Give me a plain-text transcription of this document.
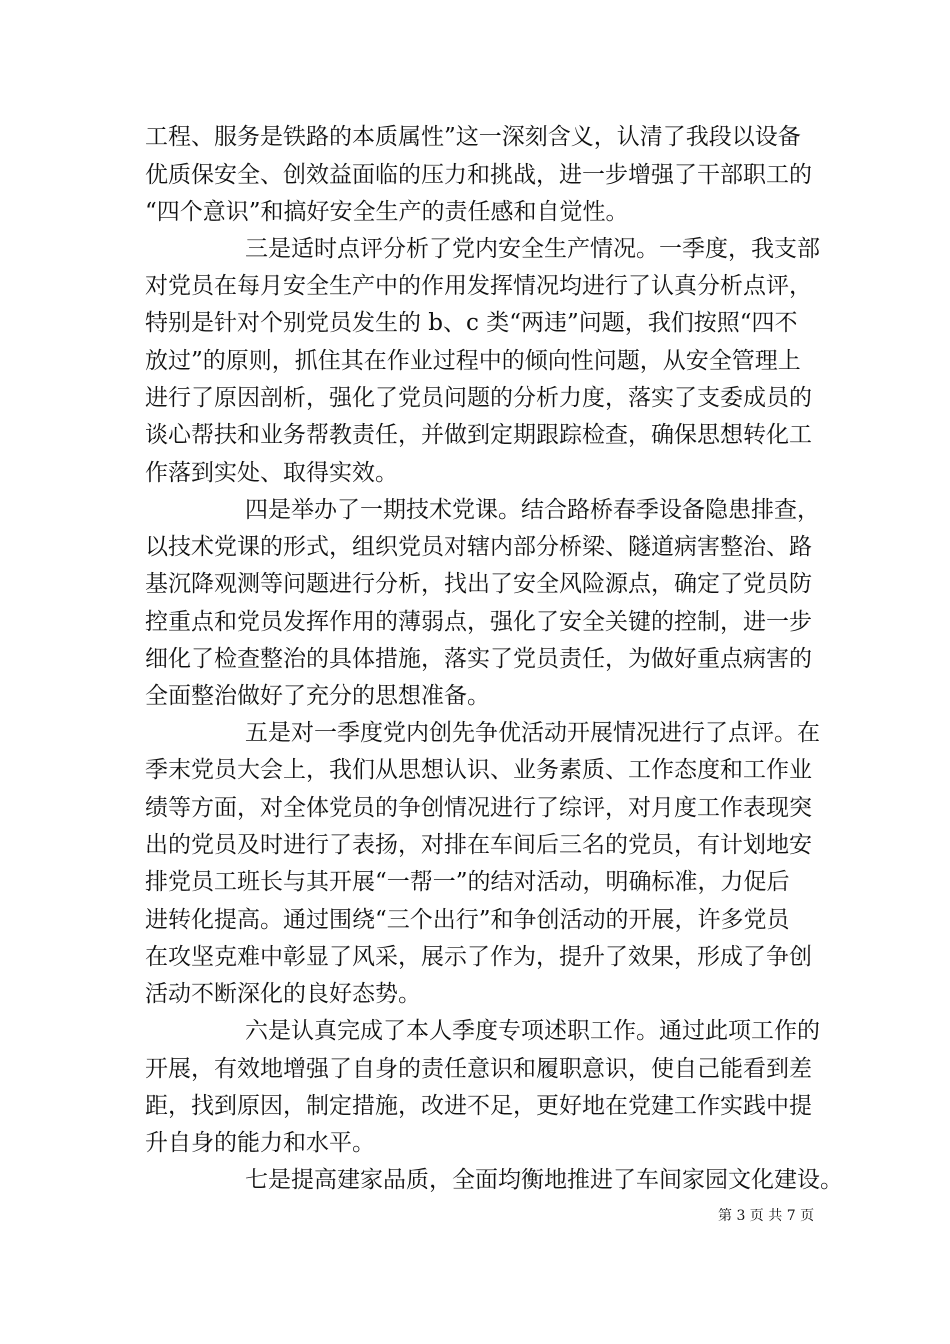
工程、服务是铁路的本质属性”这一深刻含义，认清了我段以设备
优质保安全、创效益面临的压力和挑战，进一步增强了干部职工的
“四个意识”和搞好安全生产的责任感和自觉性。
三是适时点评分析了党内安全生产情况。一季度，我支部
对党员在每月安全生产中的作用发挥情况均进行了认真分析点评，
特别是针对个别党员发生的 b、c 类“两违”问题，我们按照“四不
放过”的原则，抓住其在作业过程中的倾向性问题，从安全管理上
进行了原因剖析，强化了党员问题的分析力度，落实了支委成员的
谈心帮扶和业务帮教责任，并做到定期跟踪检查，确保思想转化工
作落到实处、取得实效。
四是举办了一期技术党课。结合路桥春季设备隐患排查，
以技术党课的形式，组织党员对辖内部分桥梁、隧道病害整治、路
基沉降观测等问题进行分析，找出了安全风险源点，确定了党员防
控重点和党员发挥作用的薄弱点，强化了安全关键的控制，进一步
细化了检查整治的具体措施，落实了党员责任，为做好重点病害的
全面整治做好了充分的思想准备。
五是对一季度党内创先争优活动开展情况进行了点评。在
季末党员大会上，我们从思想认识、业务素质、工作态度和工作业
绩等方面，对全体党员的争创情况进行了综评，对月度工作表现突
出的党员及时进行了表扬，对排在车间后三名的党员，有计划地安
排党员工班长与其开展“一帮一”的结对活动，明确标准，力促后
进转化提高。通过围绕“三个出行”和争创活动的开展，许多党员
在攻坚克难中彰显了风采，展示了作为，提升了效果，形成了争创
活动不断深化的良好态势。
六是认真完成了本人季度专项述职工作。通过此项工作的
开展，有效地增强了自身的责任意识和履职意识，使自己能看到差
距，找到原因，制定措施，改进不足，更好地在党建工作实践中提
升自身的能力和水平。
七是提高建家品质，全面均衡地推进了车间家园文化建设。
第 3 页 共 7 页
